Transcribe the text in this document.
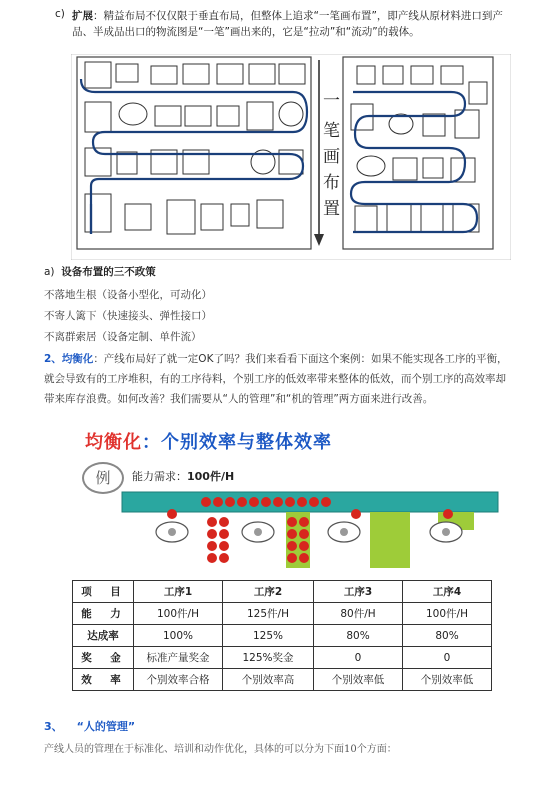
c) 扩展：精益布局不仅仅限于垂直布局，但整体上追求“一笔画布置”，即产线从原材料进口到产品、半成品出口的物流图是“一笔”画出来的，它是“拉动”和“流动”的载体。
一
笔
画
布
置
a) 设备布置的三不政策
不落地生根（设备小型化，可动化）
不寄人篱下（快速接头、弹性接口）
不离群索居（设备定制、单件流）
2、均衡化：产线布局好了就一定OK了吗？我们来看看下面这个案例：如果不能实现各工序的平衡，就会导致有的工序堆积，有的工序待料，个别工序的低效率带来整体的低效，而个别工序的高效率却带来库存浪费。如何改善？我们需要从“人的管理”和“机的管理”两方面来进行改善。
均衡化：个别效率与整体效率
例	能力需求：100件/H
项　目	工序1	工序2	工序3	工序4
能　力	100件/H	125件/H	80件/H	100件/H
达成率	100%	125%	80%	80%
奖　金	标准产量奖金	125%奖金	0	0
效　率	个别效率合格	个别效率高	个别效率低	个别效率低
3、 “人的管理”
产线人员的管理在于标准化、培训和动作优化，具体的可以分为下面10个方面：
